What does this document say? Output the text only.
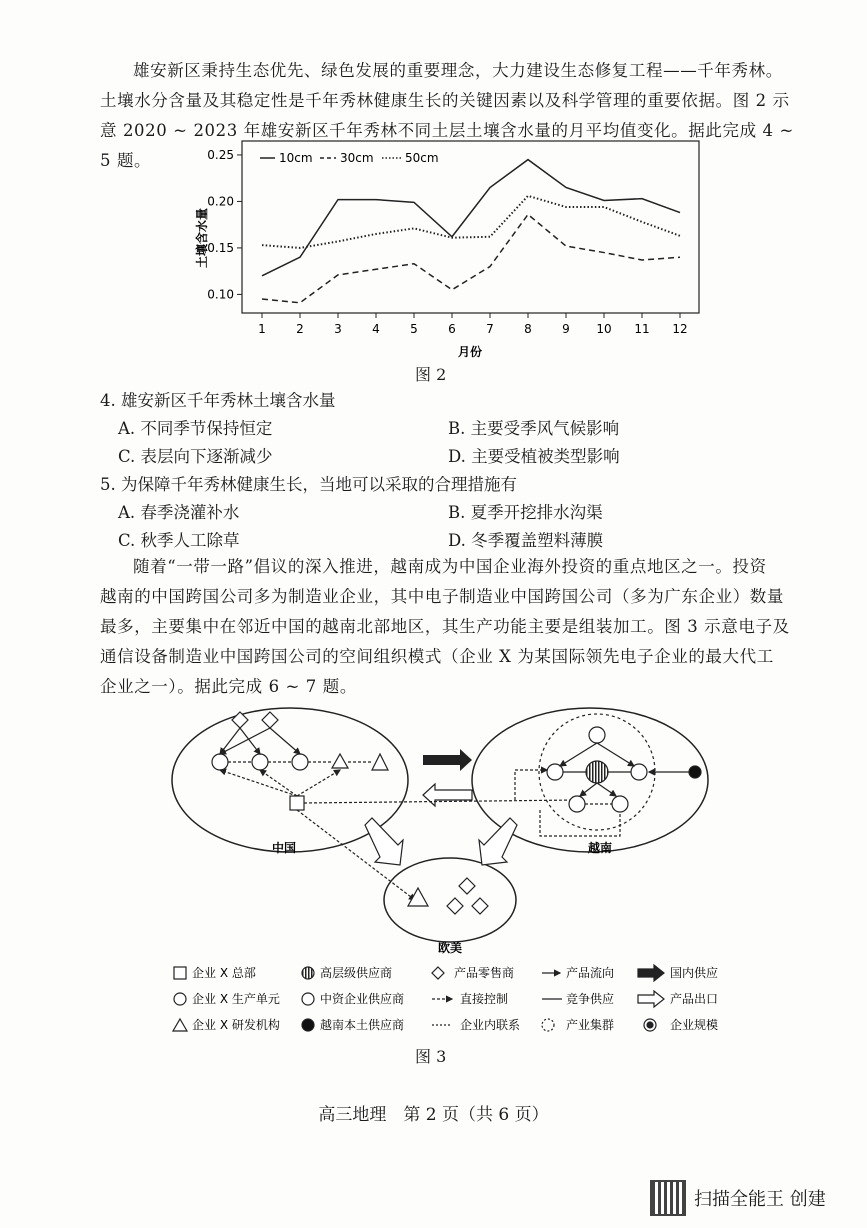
雄安新区秉持生态优先、绿色发展的重要理念，大力建设生态修复工程——千年秀林。

土壤水分含量及其稳定性是千年秀林健康生长的关键因素以及科学管理的重要依据。图 2 示

意 2020 ~ 2023 年雄安新区千年秀林不同土层土壤含水量的月平均值变化。据此完成 4 ~ 5 题。

0.10
0.15
0.20
0.25
1	2	3	4	5	6	7	8	9 10 11 12
10cm 30cm	50cm
土壤含水量
月份
图 2
4. 雄安新区千年秀林土壤含水量
A. 不同季节保持恒定	B. 主要受季风气候影响
C. 表层向下逐渐减少	D. 主要受植被类型影响
5. 为保障千年秀林健康生长，当地可以采取的合理措施有
A. 春季浇灌补水	B. 夏季开挖排水沟渠
C. 秋季人工除草	D. 冬季覆盖塑料薄膜

随着“一带一路”倡议的深入推进，越南成为中国企业海外投资的重点地区之一。投资

越南的中国跨国公司多为制造业企业，其中电子制造业中国跨国公司（多为广东企业）数量

最多，主要集中在邻近中国的越南北部地区，其生产功能主要是组装加工。图 3 示意电子及

通信设备制造业中国跨国公司的空间组织模式（企业 X 为某国际领先电子企业的最大代工

企业之一）。据此完成 6 ~ 7 题。

中国	越南
欧美
企业 X 总部	高层级供应商	产品零售商	产品流向	国内供应
企业 X 生产单元	中资企业供应商	直接控制	竞争供应	产品出口
企业 X 研发机构	越南本土供应商	企业内联系	产业集群	企业规模
图 3
高三地理　第 2 页（共 6 页）
扫描全能王 创建
